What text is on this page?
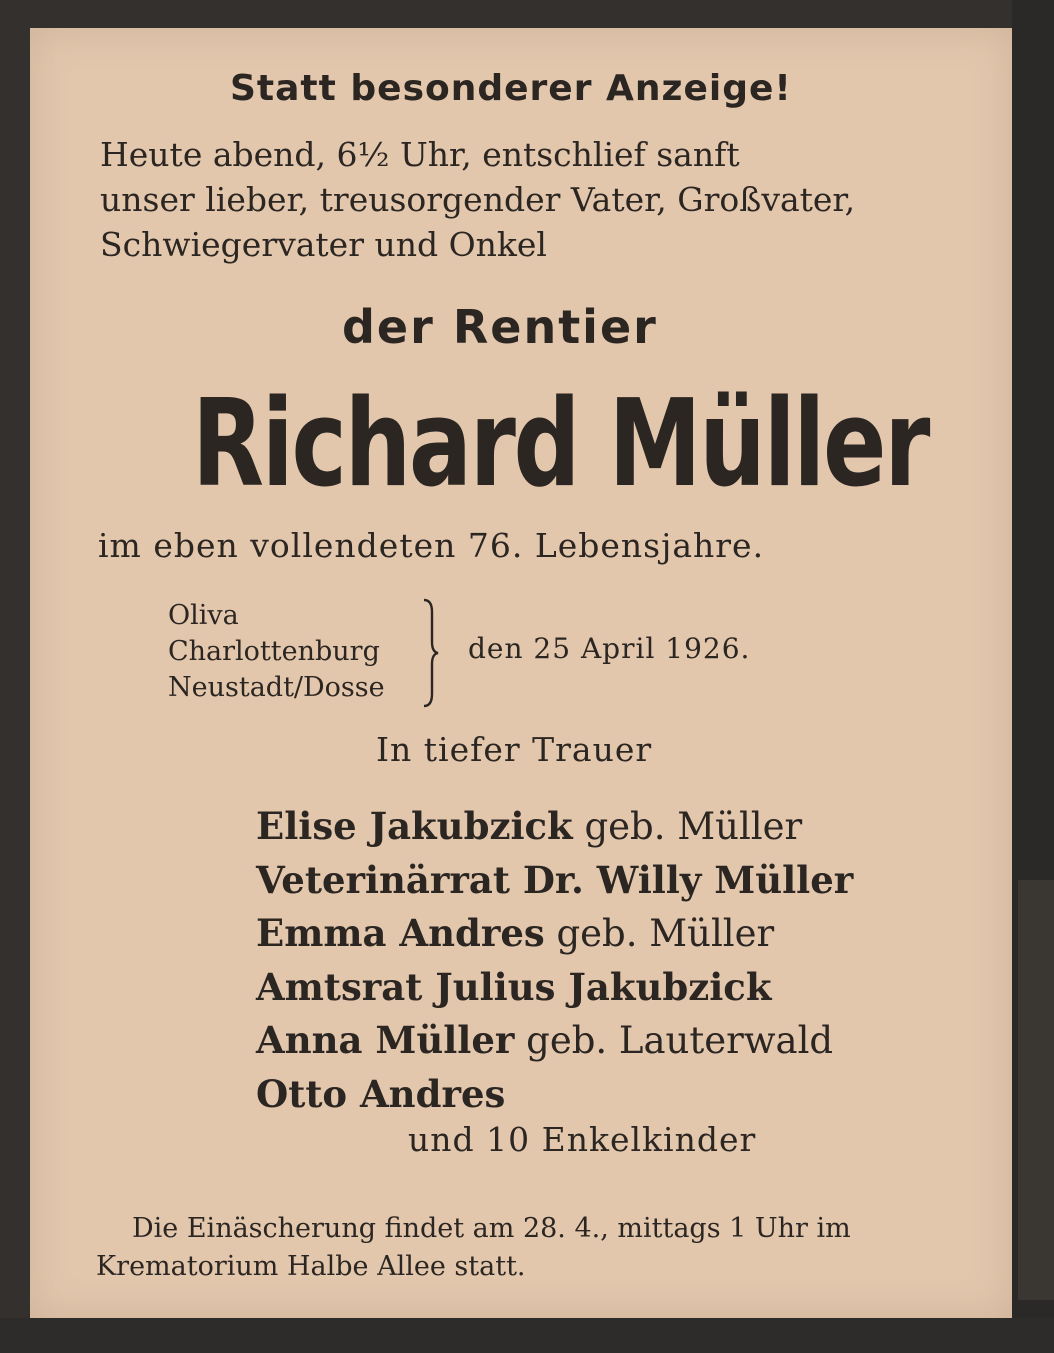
Statt besonderer Anzeige!

Heute abend, 6½ Uhr, entschlief sanft
unser lieber, treusorgender Vater, Großvater,
Schwiegervater und Onkel

der Rentier

Richard Müller

im eben vollendeten 76. Lebensjahre.

Oliva
Charlottenburg
Neustadt/Dosse

den 25 April 1926.

In tiefer Trauer

Elise Jakubzick geb. Müller
Veterinärrat Dr. Willy Müller
Emma Andres geb. Müller
Amtsrat Julius Jakubzick
Anna Müller geb. Lauterwald
Otto Andres

und 10 Enkelkinder

Die Einäscherung findet am 28. 4., mittags 1 Uhr im
Krematorium Halbe Allee statt.
